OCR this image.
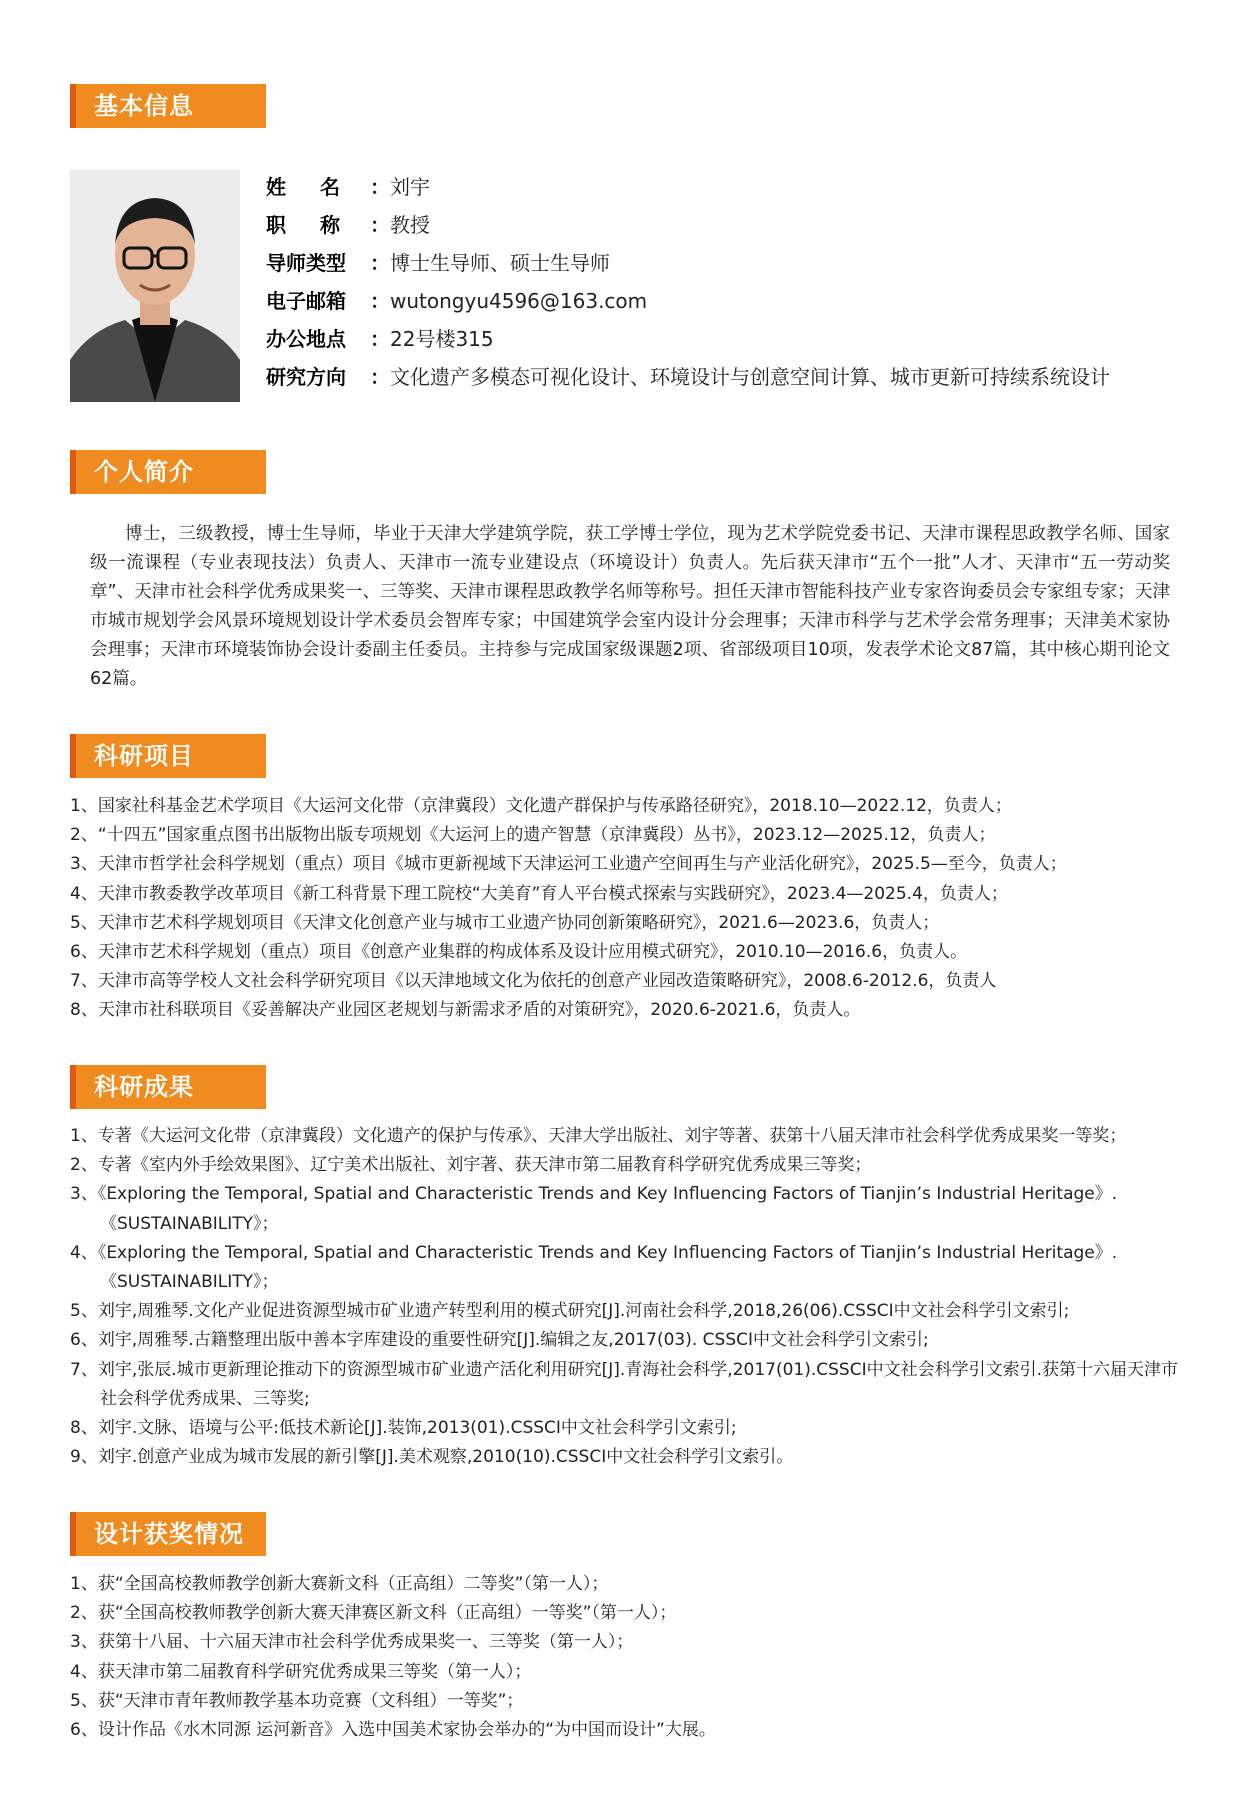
基本信息
姓名：刘宇
职称：教授
导师类型 ：博士生导师、硕士生导师
电子邮箱 ：wutongyu4596@163.com
办公地点 ：22号楼315
研究方向 ：文化遗产多模态可视化设计、环境设计与创意空间计算、城市更新可持续系统设计
个人简介
博士，三级教授，博士生导师，毕业于天津大学建筑学院，获工学博士学位，现为艺术学院党委书记、天津市课程思政教学名师、国家级一流课程（专业表现技法）负责人、天津市一流专业建设点（环境设计）负责人。先后获天津市“五个一批”人才、天津市“五一劳动奖章”、天津市社会科学优秀成果奖一、三等奖、天津市课程思政教学名师等称号。担任天津市智能科技产业专家咨询委员会专家组专家；天津市城市规划学会风景环境规划设计学术委员会智库专家；中国建筑学会室内设计分会理事；天津市科学与艺术学会常务理事；天津美术家协会理事；天津市环境装饰协会设计委副主任委员。主持参与完成国家级课题2项、省部级项目10项，发表学术论文87篇，其中核心期刊论文62篇。
科研项目
1、国家社科基金艺术学项目《大运河文化带（京津冀段）文化遗产群保护与传承路径研究》，2018.10—2022.12，负责人；
2、“十四五”国家重点图书出版物出版专项规划《大运河上的遗产智慧（京津冀段）丛书》，2023.12—2025.12，负责人；
3、天津市哲学社会科学规划（重点）项目《城市更新视域下天津运河工业遗产空间再生与产业活化研究》，2025.5—至今，负责人；
4、天津市教委教学改革项目《新工科背景下理工院校“大美育”育人平台模式探索与实践研究》，2023.4—2025.4，负责人；
5、天津市艺术科学规划项目《天津文化创意产业与城市工业遗产协同创新策略研究》，2021.6—2023.6，负责人；
6、天津市艺术科学规划（重点）项目《创意产业集群的构成体系及设计应用模式研究》，2010.10—2016.6，负责人。
7、天津市高等学校人文社会科学研究项目《以天津地域文化为依托的创意产业园改造策略研究》，2008.6-2012.6，负责人
8、天津市社科联项目《妥善解决产业园区老规划与新需求矛盾的对策研究》，2020.6-2021.6，负责人。
科研成果
1、专著《大运河文化带（京津冀段）文化遗产的保护与传承》、天津大学出版社、刘宇等著、获第十八届天津市社会科学优秀成果奖一等奖；
2、专著《室内外手绘效果图》、辽宁美术出版社、刘宇著、获天津市第二届教育科学研究优秀成果三等奖；
3、《Exploring the Temporal, Spatial and Characteristic Trends and Key Influencing Factors of Tianjin’s Industrial Heritage》.《SUSTAINABILITY》；
4、《Exploring the Temporal, Spatial and Characteristic Trends and Key Influencing Factors of Tianjin’s Industrial Heritage》.《SUSTAINABILITY》；
5、刘宇,周雅琴.文化产业促进资源型城市矿业遗产转型利用的模式研究[J].河南社会科学,2018,26(06).CSSCI中文社会科学引文索引;
6、刘宇,周雅琴.古籍整理出版中善本字库建设的重要性研究[J].编辑之友,2017(03). CSSCI中文社会科学引文索引;
7、刘宇,张辰.城市更新理论推动下的资源型城市矿业遗产活化利用研究[J].青海社会科学,2017(01).CSSCI中文社会科学引文索引.获第十六届天津市社会科学优秀成果、三等奖;
8、刘宇.文脉、语境与公平:低技术新论[J].装饰,2013(01).CSSCI中文社会科学引文索引;
9、刘宇.创意产业成为城市发展的新引擎[J].美术观察,2010(10).CSSCI中文社会科学引文索引。
设计获奖情况
1、获“全国高校教师教学创新大赛新文科（正高组）二等奖”（第一人）；
2、获“全国高校教师教学创新大赛天津赛区新文科（正高组）一等奖”（第一人）；
3、获第十八届、十六届天津市社会科学优秀成果奖一、三等奖（第一人）；
4、获天津市第二届教育科学研究优秀成果三等奖（第一人）；
5、获“天津市青年教师教学基本功竞赛（文科组）一等奖”；
6、设计作品《水木同源 运河新音》入选中国美术家协会举办的“为中国而设计”大展。
